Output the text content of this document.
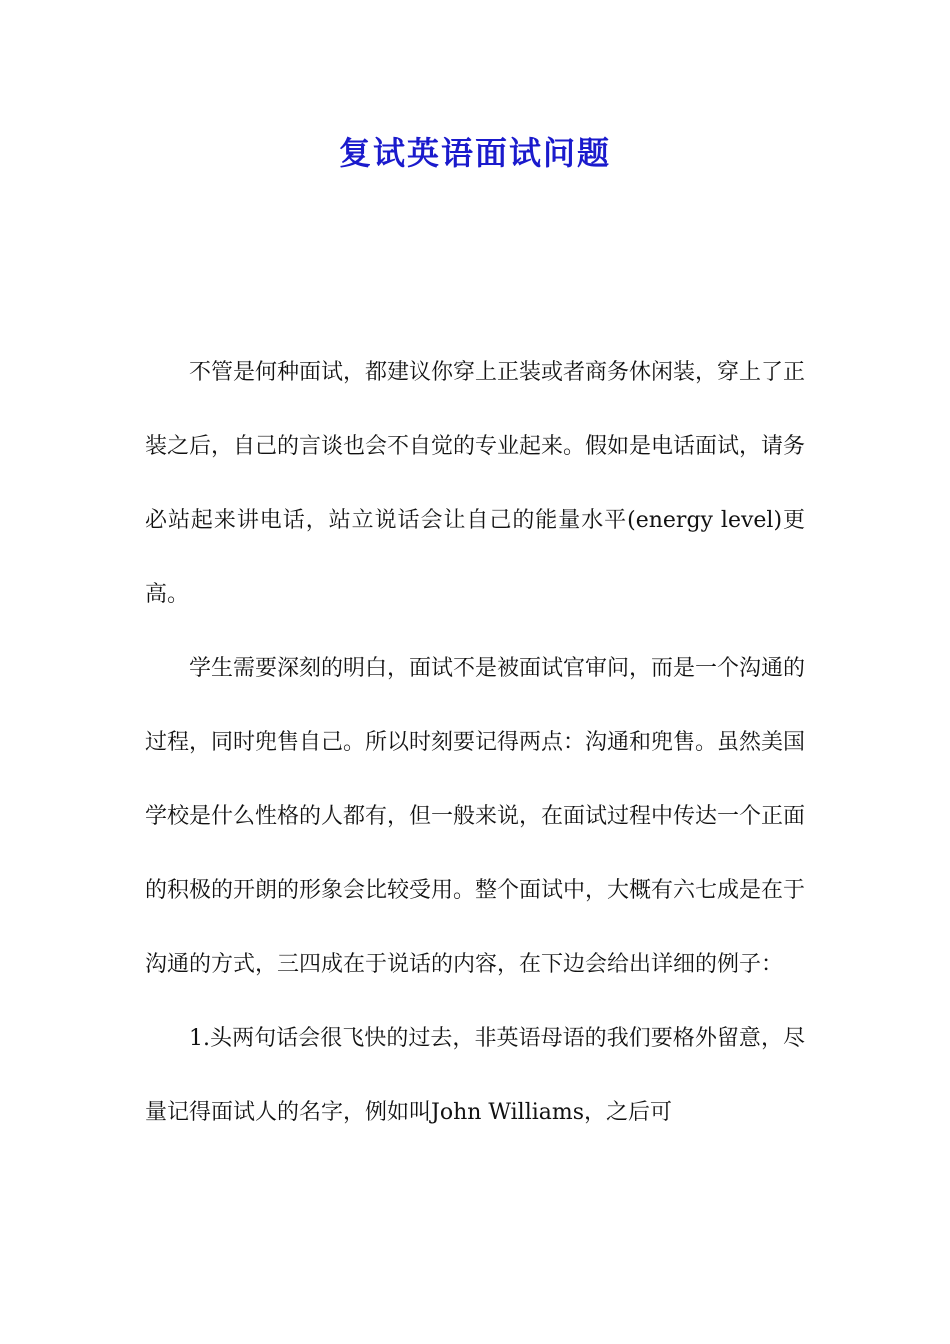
复试英语面试问题

不管是何种面试，都建议你穿上正装或者商务休闲装，穿上了正装之后，自己的言谈也会不自觉的专业起来。假如是电话面试，请务必站起来讲电话，站立说话会让自己的能量水平(energy level)更高。

学生需要深刻的明白，面试不是被面试官审问，而是一个沟通的过程，同时兜售自己。所以时刻要记得两点：沟通和兜售。虽然美国学校是什么性格的人都有，但一般来说，在面试过程中传达一个正面的积极的开朗的形象会比较受用。整个面试中，大概有六七成是在于沟通的方式，三四成在于说话的内容，在下边会给出详细的例子：

1.头两句话会很飞快的过去，非英语母语的我们要格外留意，尽量记得面试人的名字，例如叫John Williams，之后可
